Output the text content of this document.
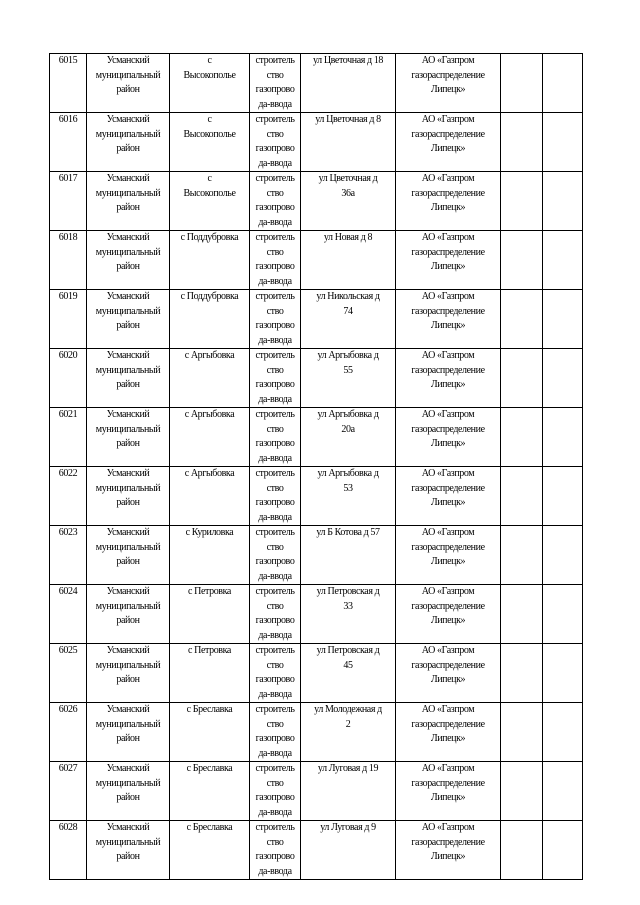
6015	Усманский
муниципальный
район	с
Высокополье	строитель
ство
газопрово
да-ввода	ул Цветочная д 18	АО «Газпром
газораспределение
Липецк»		

6016	Усманский
муниципальный
район	с
Высокополье	строитель
ство
газопрово
да-ввода	ул Цветочная д 8	АО «Газпром
газораспределение
Липецк»		

6017	Усманский
муниципальный
район	с
Высокополье	строитель
ство
газопрово
да-ввода	ул Цветочная д
36а	АО «Газпром
газораспределение
Липецк»		

6018	Усманский
муниципальный
район	с Поддубровка	строитель
ство
газопрово
да-ввода	ул Новая д 8	АО «Газпром
газораспределение
Липецк»		

6019	Усманский
муниципальный
район	с Поддубровка	строитель
ство
газопрово
да-ввода	ул Никольская д
74	АО «Газпром
газораспределение
Липецк»		

6020	Усманский
муниципальный
район	с Аргыбовка	строитель
ство
газопрово
да-ввода	ул Аргыбовка д
55	АО «Газпром
газораспределение
Липецк»		

6021	Усманский
муниципальный
район	с Аргыбовка	строитель
ство
газопрово
да-ввода	ул Аргыбовка д
20а	АО «Газпром
газораспределение
Липецк»		

6022	Усманский
муниципальный
район	с Аргыбовка	строитель
ство
газопрово
да-ввода	ул Аргыбовка д
53	АО «Газпром
газораспределение
Липецк»		

6023	Усманский
муниципальный
район	с Куриловка	строитель
ство
газопрово
да-ввода	ул Б Котова д 57	АО «Газпром
газораспределение
Липецк»		

6024	Усманский
муниципальный
район	с Петровка	строитель
ство
газопрово
да-ввода	ул Петровская д
33	АО «Газпром
газораспределение
Липецк»		

6025	Усманский
муниципальный
район	с Петровка	строитель
ство
газопрово
да-ввода	ул Петровская д
45	АО «Газпром
газораспределение
Липецк»		

6026	Усманский
муниципальный
район	с Бреславка	строитель
ство
газопрово
да-ввода	ул Молодежная д
2	АО «Газпром
газораспределение
Липецк»		

6027	Усманский
муниципальный
район	с Бреславка	строитель
ство
газопрово
да-ввода	ул Луговая д 19	АО «Газпром
газораспределение
Липецк»		

6028	Усманский
муниципальный
район	с Бреславка	строитель
ство
газопрово
да-ввода	ул Луговая д 9	АО «Газпром
газораспределение
Липецк»		
